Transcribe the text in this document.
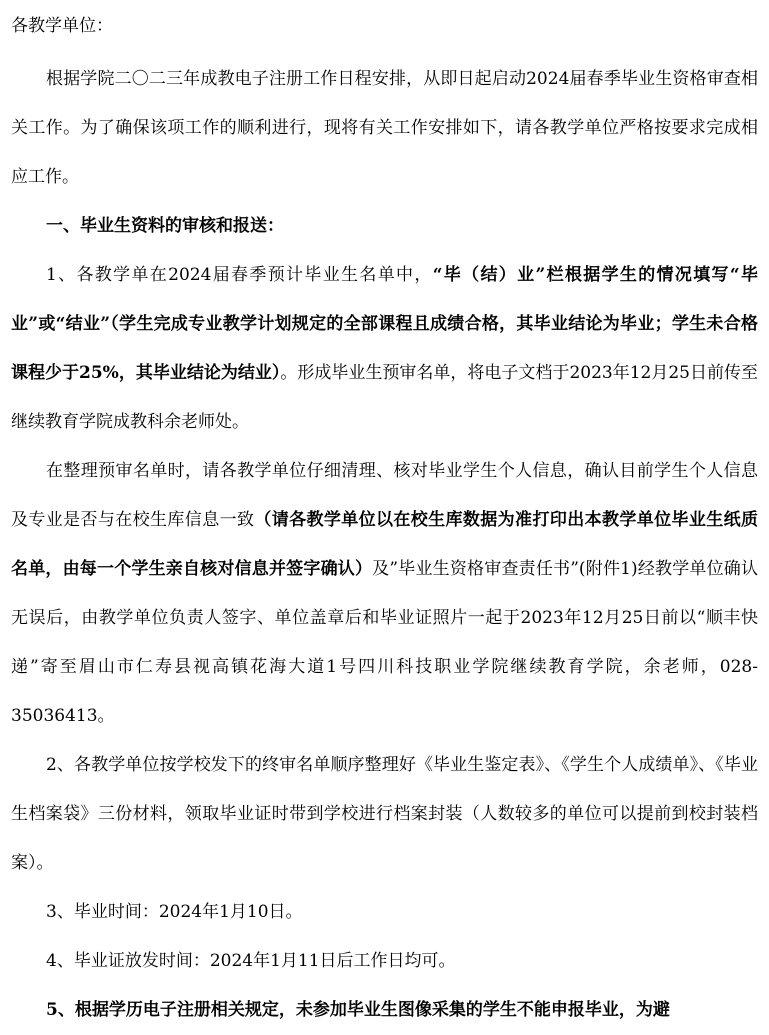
各教学单位：

根据学院二〇二三年成教电子注册工作日程安排，从即日起启动2024届春季毕业生资格审查相关工作。为了确保该项工作的顺利进行，现将有关工作安排如下，请各教学单位严格按要求完成相应工作。

一、毕业生资料的审核和报送：

1、各教学单在2024届春季预计毕业生名单中，“毕（结）业”栏根据学生的情况填写“毕业”或“结业”（学生完成专业教学计划规定的全部课程且成绩合格，其毕业结论为毕业；学生未合格课程少于25%，其毕业结论为结业）。形成毕业生预审名单，将电子文档于2023年12月25日前传至继续教育学院成教科余老师处。

在整理预审名单时，请各教学单位仔细清理、核对毕业学生个人信息，确认目前学生个人信息及专业是否与在校生库信息一致（请各教学单位以在校生库数据为准打印出本教学单位毕业生纸质名单，由每一个学生亲自核对信息并签字确认）及”毕业生资格审查责任书”(附件1)经教学单位确认无误后，由教学单位负责人签字、单位盖章后和毕业证照片一起于2023年12月25日前以“顺丰快递”寄至眉山市仁寿县视高镇花海大道1号四川科技职业学院继续教育学院，余老师，028-35036413。

2、各教学单位按学校发下的终审名单顺序整理好《毕业生鉴定表》、《学生个人成绩单》、《毕业生档案袋》三份材料，领取毕业证时带到学校进行档案封装（人数较多的单位可以提前到校封装档案）。

3、毕业时间：2024年1月10日。

4、毕业证放发时间：2024年1月11日后工作日均可。

5、根据学历电子注册相关规定，未参加毕业生图像采集的学生不能申报毕业，为避
